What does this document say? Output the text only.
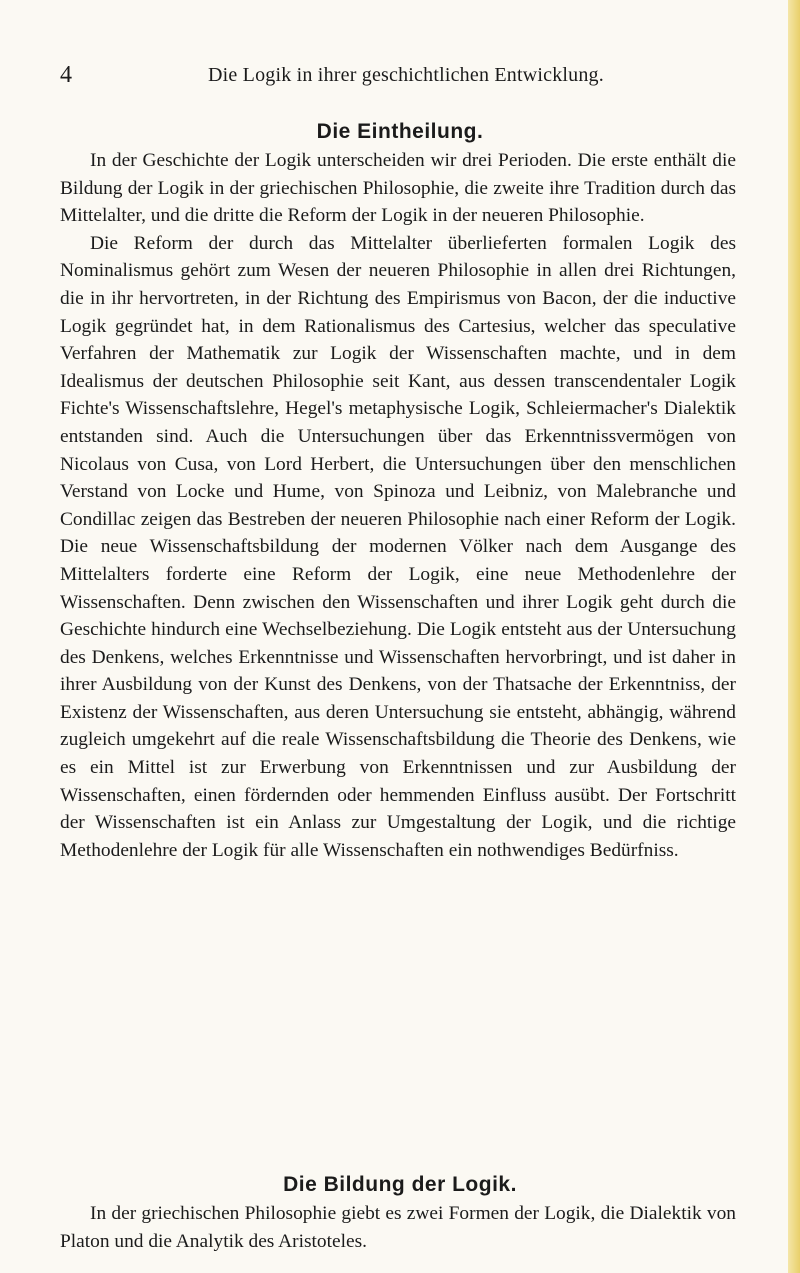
4	Die Logik in ihrer geschichtlichen Entwicklung.
Die Eintheilung.

In der Geschichte der Logik unterscheiden wir drei Perioden. Die erste enthält die Bildung der Logik in der griechischen Philosophie, die zweite ihre Tradition durch das Mittelalter, und die dritte die Reform der Logik in der neueren Philosophie.

Die Reform der durch das Mittelalter überlieferten formalen Logik des Nominalismus gehört zum Wesen der neueren Philosophie in allen drei Richtungen, die in ihr hervortreten, in der Richtung des Empirismus von Bacon, der die inductive Logik gegründet hat, in dem Rationalismus des Cartesius, welcher das speculative Verfahren der Mathematik zur Logik der Wissenschaften machte, und in dem Idealismus der deutschen Philosophie seit Kant, aus dessen transcendentaler Logik Fichte's Wissenschaftslehre, Hegel's metaphysische Logik, Schleiermacher's Dialektik entstanden sind. Auch die Untersuchungen über das Erkenntnissvermögen von Nicolaus von Cusa, von Lord Herbert, die Untersuchungen über den menschlichen Verstand von Locke und Hume, von Spinoza und Leibniz, von Malebranche und Condillac zeigen das Bestreben der neueren Philosophie nach einer Reform der Logik. Die neue Wissenschaftsbildung der modernen Völker nach dem Ausgange des Mittelalters forderte eine Reform der Logik, eine neue Methodenlehre der Wissenschaften. Denn zwischen den Wissenschaften und ihrer Logik geht durch die Geschichte hindurch eine Wechselbeziehung. Die Logik entsteht aus der Untersuchung des Denkens, welches Erkenntnisse und Wissenschaften hervorbringt, und ist daher in ihrer Ausbildung von der Kunst des Denkens, von der Thatsache der Erkenntniss, der Existenz der Wissenschaften, aus deren Untersuchung sie entsteht, abhängig, während zugleich umgekehrt auf die reale Wissenschaftsbildung die Theorie des Denkens, wie es ein Mittel ist zur Erwerbung von Erkenntnissen und zur Ausbildung der Wissenschaften, einen fördernden oder hemmenden Einfluss ausübt. Der Fortschritt der Wissenschaften ist ein Anlass zur Umgestaltung der Logik, und die richtige Methodenlehre der Logik für alle Wissenschaften ein nothwendiges Bedürfniss.

Die Bildung der Logik.

In der griechischen Philosophie giebt es zwei Formen der Logik, die Dialektik von Platon und die Analytik des Aristoteles.
